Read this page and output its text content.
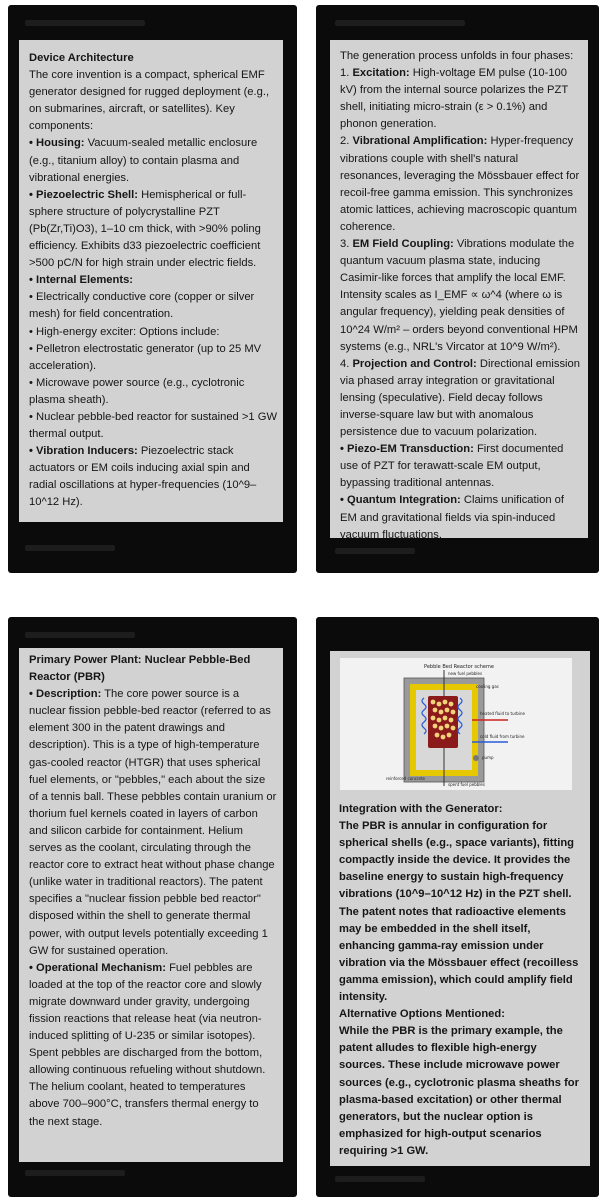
Device Architecture

The core invention is a compact, spherical EMF generator designed for rugged deployment (e.g., on submarines, aircraft, or satellites). Key components:

• Housing: Vacuum-sealed metallic enclosure (e.g., titanium alloy) to contain plasma and vibrational energies.

• Piezoelectric Shell: Hemispherical or full-sphere structure of polycrystalline PZT (Pb(Zr,Ti)O3), 1–10 cm thick, with >90% poling efficiency. Exhibits d33 piezoelectric coefficient >500 pC/N for high strain under electric fields.

• Internal Elements:

• Electrically conductive core (copper or silver mesh) for field concentration.

• High-energy exciter: Options include:

• Pelletron electrostatic generator (up to 25 MV acceleration).

• Microwave power source (e.g., cyclotronic plasma sheath).

• Nuclear pebble-bed reactor for sustained >1 GW thermal output.

• Vibration Inducers: Piezoelectric stack actuators or EM coils inducing axial spin and radial oscillations at hyper-frequencies (10^9–10^12 Hz).

The generation process unfolds in four phases:

1. Excitation: High-voltage EM pulse (10-100 kV) from the internal source polarizes the PZT shell, initiating micro-strain (ε > 0.1%) and phonon generation.

2. Vibrational Amplification: Hyper-frequency vibrations couple with shell's natural resonances, leveraging the Mössbauer effect for recoil-free gamma emission. This synchronizes atomic lattices, achieving macroscopic quantum coherence.

3. EM Field Coupling: Vibrations modulate the quantum vacuum plasma state, inducing Casimir-like forces that amplify the local EMF. Intensity scales as I_EMF ∝ ω^4 (where ω is angular frequency), yielding peak densities of 10^24 W/m² – orders beyond conventional HPM systems (e.g., NRL's Vircator at 10^9 W/m²).

4. Projection and Control: Directional emission via phased array integration or gravitational lensing (speculative). Field decay follows inverse-square law but with anomalous persistence due to vacuum polarization.

• Piezo-EM Transduction: First documented use of PZT for terawatt-scale EM output, bypassing traditional antennas.

• Quantum Integration: Claims unification of EM and gravitational fields via spin-induced vacuum fluctuations.

Primary Power Plant: Nuclear Pebble-Bed Reactor (PBR)

• Description: The core power source is a nuclear fission pebble-bed reactor (referred to as element 300 in the patent drawings and description). This is a type of high-temperature gas-cooled reactor (HTGR) that uses spherical fuel elements, or "pebbles," each about the size of a tennis ball. These pebbles contain uranium or thorium fuel kernels coated in layers of carbon and silicon carbide for containment. Helium serves as the coolant, circulating through the reactor core to extract heat without phase change (unlike water in traditional reactors). The patent specifies a "nuclear fission pebble bed reactor" disposed within the shell to generate thermal power, with output levels potentially exceeding 1 GW for sustained operation.

• Operational Mechanism: Fuel pebbles are loaded at the top of the reactor core and slowly migrate downward under gravity, undergoing fission reactions that release heat (via neutron-induced splitting of U-235 or similar isotopes). Spent pebbles are discharged from the bottom, allowing continuous refueling without shutdown. The helium coolant, heated to temperatures above 700–900°C, transfers thermal energy to the next stage.

Integration with the Generator:

The PBR is annular in configuration for spherical shells (e.g., space variants), fitting compactly inside the device. It provides the baseline energy to sustain high-frequency vibrations (10^9–10^12 Hz) in the PZT shell.

The patent notes that radioactive elements may be embedded in the shell itself, enhancing gamma-ray emission under vibration via the Mössbauer effect (recoilless gamma emission), which could amplify field intensity.

Alternative Options Mentioned:

While the PBR is the primary example, the patent alludes to flexible high-energy sources. These include microwave power sources (e.g., cyclotronic plasma sheaths for plasma-based excitation) or other thermal generators, but the nuclear option is emphasized for high-output scenarios requiring >1 GW.

Pebble Bed Reactor scheme
new fuel pebbles
cooling gas
heated fluid to turbine
cold fluid from turbine
pump
reinforced concrete
spent fuel pebbles
